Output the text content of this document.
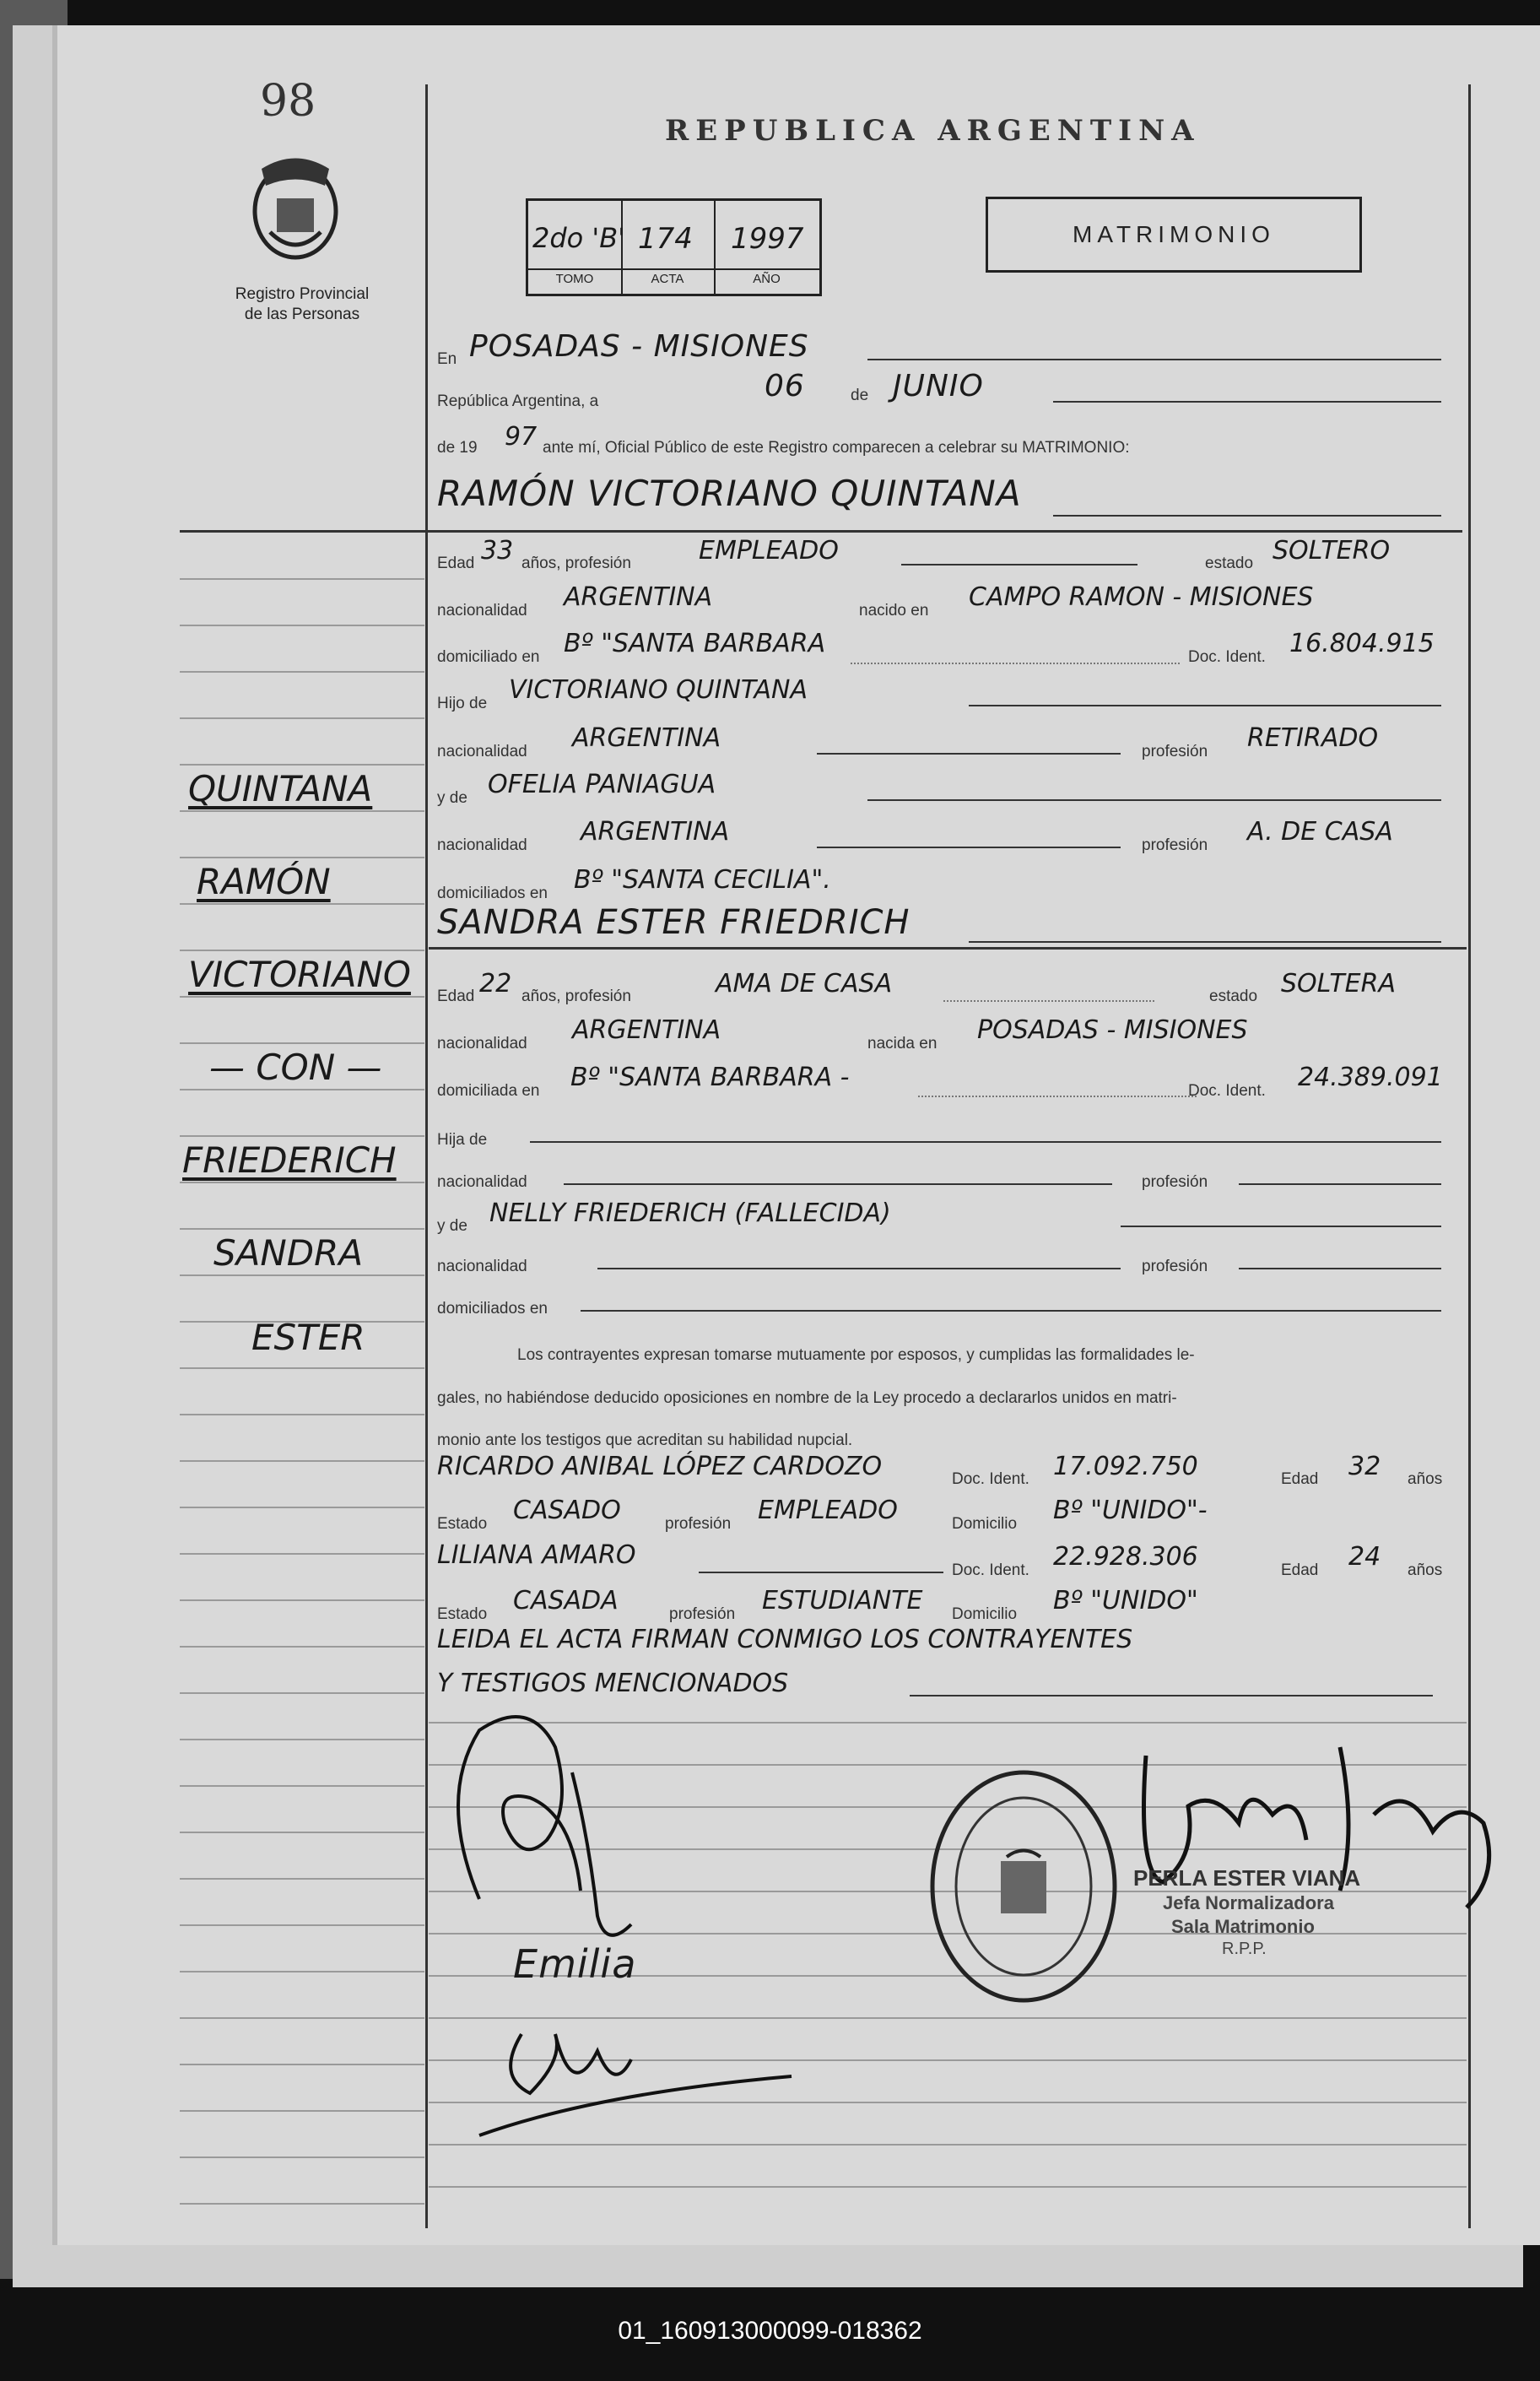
98
Registro Provincial
de las Personas
REPUBLICA ARGENTINA
2do 'B' 174 1997
TOMO	ACTA	AÑO
MATRIMONIO
En POSADAS - MISIONES
República Argentina, a	06	de JUNIO
de 19 97 ante mí, Oficial Público de este Registro comparecen a celebrar su MATRIMONIO:
RAMÓN VICTORIANO QUINTANA
Edad 33 años, profesión	EMPLEADO	estado SOLTERO
nacionalidad ARGENTINA	nacido en CAMPO RAMON - MISIONES
domiciliado en Bº "SANTA BARBARA	Doc. Ident. 16.804.915
Hijo de VICTORIANO QUINTANA
nacionalidad ARGENTINA	profesión RETIRADO
y de OFELIA PANIAGUA
nacionalidad ARGENTINA	profesión A. DE CASA
domiciliados en Bº "SANTA CECILIA".
SANDRA ESTER FRIEDRICH
Edad 22 años, profesión	AMA DE CASA	estado SOLTERA
nacionalidad ARGENTINA	nacida en POSADAS - MISIONES
domiciliada en Bº "SANTA BARBARA -	Doc. Ident. 24.389.091
Hija de
nacionalidad	profesión
y de NELLY FRIEDERICH (FALLECIDA)
nacionalidad	profesión
domiciliados en
Los contrayentes expresan tomarse mutuamente por esposos, y cumplidas las formalidades le-
gales, no habiéndose deducido oposiciones en nombre de la Ley procedo a declararlos unidos en matri-
monio ante los testigos que acreditan su habilidad nupcial.
RICARDO ANIBAL LÓPEZ CARDOZO	Doc. Ident. 17.092.750	Edad 32 años
Estado CASADO	profesión EMPLEADO	Domicilio Bº "UNIDO"-
LILIANA AMARO
Doc. Ident. 22.928.306	Edad 24 años
Estado CASADA	profesión ESTUDIANTE Domicilio Bº "UNIDO"
LEIDA EL ACTA FIRMAN CONMIGO LOS CONTRAYENTES
Y TESTIGOS MENCIONADOS
QUINTANA
RAMÓN
VICTORIANO
— CON —
FRIEDERICH
SANDRA
ESTER
Emilia
PERLA ESTER VIANA
Jefa Normalizadora
Sala Matrimonio
R.P.P.
01_160913000099-018362
